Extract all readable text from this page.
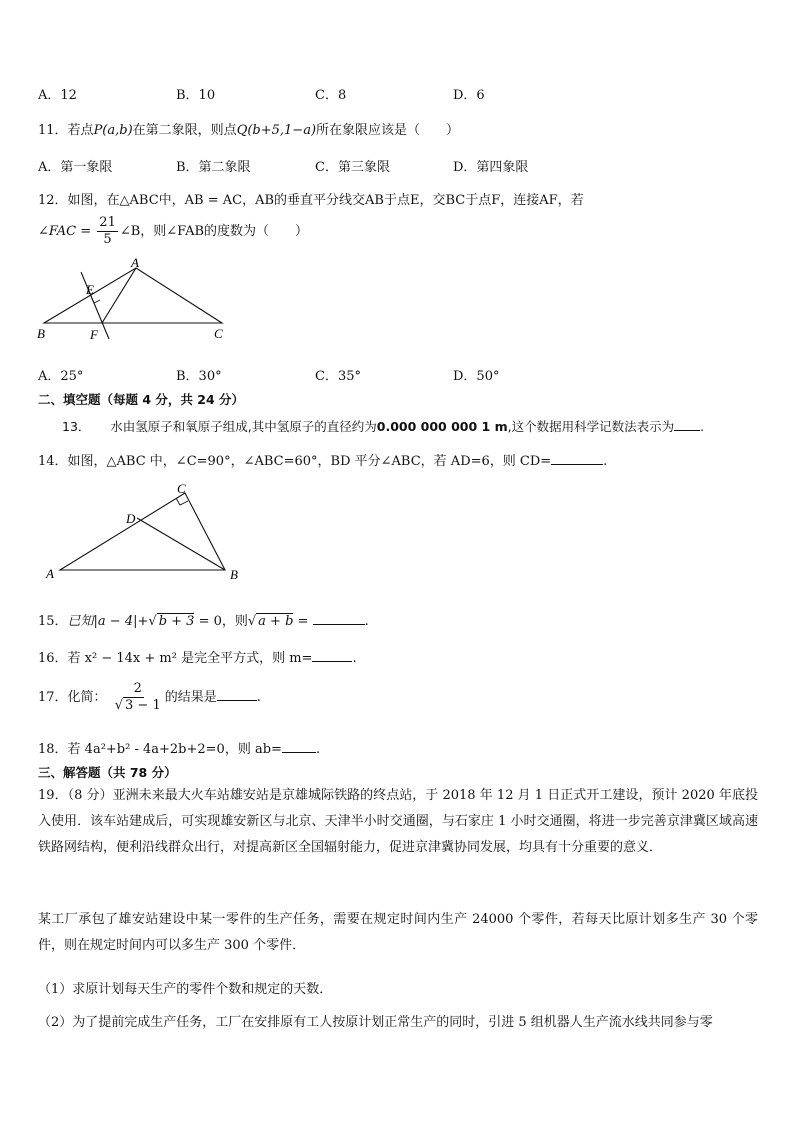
A．12	B．10	C．8	D．6
11．若点P(a,b)在第二象限，则点Q(b+5,1−a)所在象限应该是（　　）
A．第一象限	B．第二象限	C．第三象限	D．第四象限
12．如图，在△ABC中，AB = AC，AB的垂直平分线交AB于点E，交BC于点F，连接AF，若
∠FAC = $\frac{21}{5}$ ∠B，则∠FAB的度数为（　　）
A
E
B	F	C
A．25°	B．30°	C．35°	D．50°
二、填空题（每题 4 分，共 24 分）
13． 水由氢原子和氧原子组成,其中氢原子的直径约为0.000 000 000 1 m,这个数据用科学记数法表示为 .
14．如图，△ABC 中，∠C=90°，∠ABC=60°，BD 平分∠ABC，若 AD=6，则 CD=	.
C
D
A	B
15．已知|a − 4|+√ b + 3 = 0，则√ a + b =	.
16．若 x² − 14x + m² 是完全平方式，则 m=	.
17．化简： $\frac{2}{√ 3 - 1}$ 的结果是	.
18．若 4a²+b² - 4a+2b+2=0，则 ab=	.
三、解答题（共 78 分）
19．（8 分）亚洲未来最大火车站雄安站是京雄城际铁路的终点站，于 2018 年 12 月 1 日正式开工建设，预计 2020 年底投入使用．该车站建成后，可实现雄安新区与北京、天津半小时交通圈，与石家庄 1 小时交通圈，将进一步完善京津冀区域高速铁路网结构，便利沿线群众出行，对提高新区全国辐射能力，促进京津冀协同发展，均具有十分重要的意义．
某工厂承包了雄安站建设中某一零件的生产任务，需要在规定时间内生产 24000 个零件，若每天比原计划多生产 30 个零件，则在规定时间内可以多生产 300 个零件．
（1）求原计划每天生产的零件个数和规定的天数．
（2）为了提前完成生产任务，工厂在安排原有工人按原计划正常生产的同时，引进 5 组机器人生产流水线共同参与零
